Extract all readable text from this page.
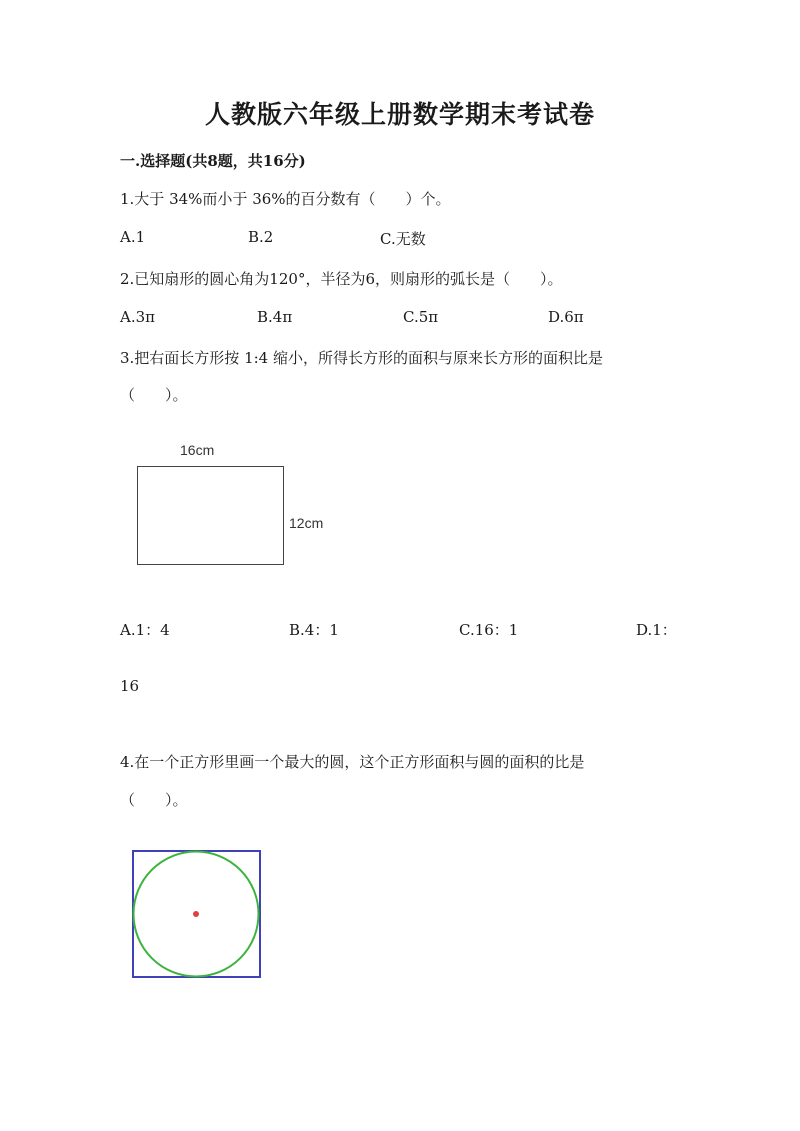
人教版六年级上册数学期末考试卷
一.选择题(共8题，共16分)
1.大于 34%而小于 36%的百分数有（　　）个。
A.1	B.2	C.无数
2.已知扇形的圆心角为120°，半径为6，则扇形的弧长是（　　）。
A.3π	B.4π	C.5π	D.6π
3.把右面长方形按 1:4 缩小，所得长方形的面积与原来长方形的面积比是
（　　）。
16cm
12cm
A.1：4	B.4：1	C.16：1	D.1：
16
4.在一个正方形里画一个最大的圆，这个正方形面积与圆的面积的比是
（　　）。
